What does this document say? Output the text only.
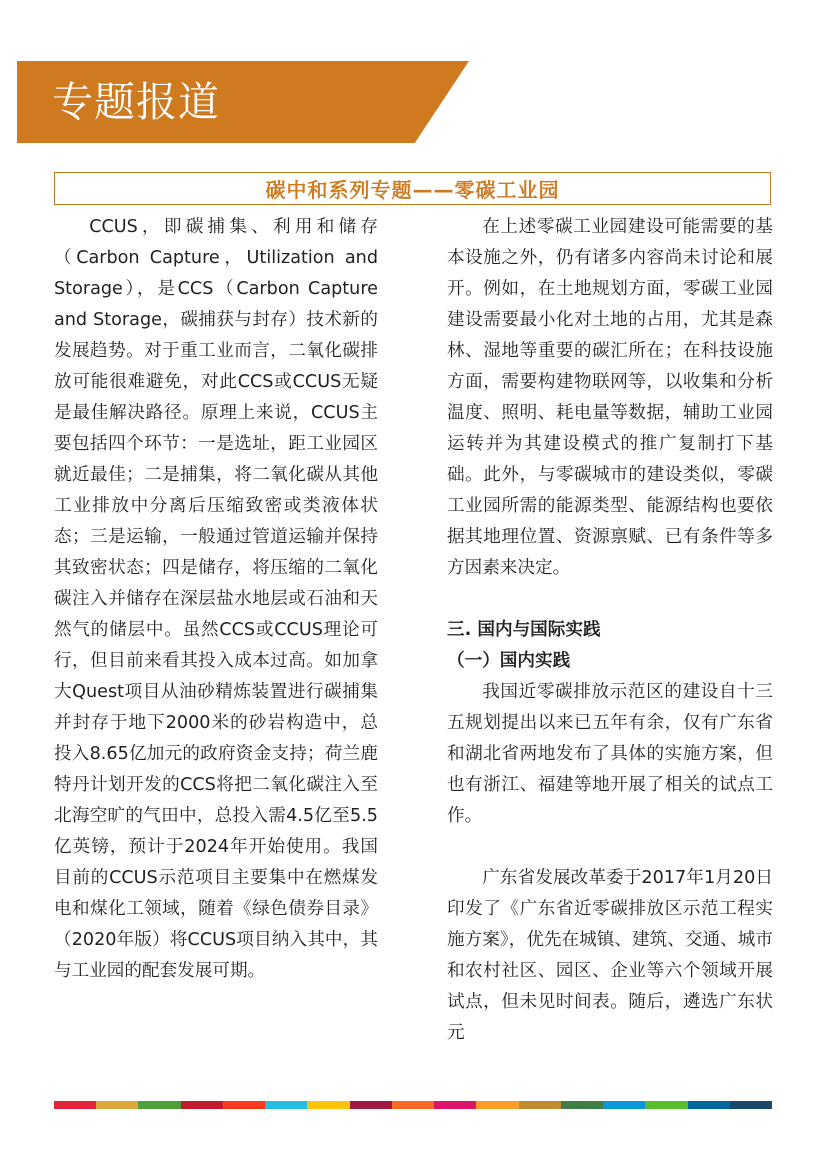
专题报道
碳中和系列专题——零碳工业园

CCUS，即碳捕集、利用和储存（Carbon Capture，Utilization and Storage），是CCS（Carbon Capture and Storage，碳捕获与封存）技术新的发展趋势。对于重工业而言，二氧化碳排放可能很难避免，对此CCS或CCUS无疑是最佳解决路径。原理上来说，CCUS主要包括四个环节：一是选址，距工业园区就近最佳；二是捕集，将二氧化碳从其他工业排放中分离后压缩致密或类液体状态；三是运输，一般通过管道运输并保持其致密状态；四是储存，将压缩的二氧化碳注入并储存在深层盐水地层或石油和天然气的储层中。虽然CCS或CCUS理论可行，但目前来看其投入成本过高。如加拿大Quest项目从油砂精炼装置进行碳捕集并封存于地下2000米的砂岩构造中，总投入8.65亿加元的政府资金支持；荷兰鹿特丹计划开发的CCS将把二氧化碳注入至北海空旷的气田中，总投入需4.5亿至5.5亿英镑，预计于2024年开始使用。我国目前的CCUS示范项目主要集中在燃煤发电和煤化工领域，随着《绿色债券目录》（2020年版）将CCUS项目纳入其中，其与工业园的配套发展可期。

在上述零碳工业园建设可能需要的基本设施之外，仍有诸多内容尚未讨论和展开。例如，在土地规划方面，零碳工业园建设需要最小化对土地的占用，尤其是森林、湿地等重要的碳汇所在；在科技设施方面，需要构建物联网等，以收集和分析温度、照明、耗电量等数据，辅助工业园运转并为其建设模式的推广复制打下基础。此外，与零碳城市的建设类似，零碳工业园所需的能源类型、能源结构也要依据其地理位置、资源禀赋、已有条件等多方因素来决定。

三. 国内与国际实践
（一）国内实践

我国近零碳排放示范区的建设自十三五规划提出以来已五年有余，仅有广东省和湖北省两地发布了具体的实施方案，但也有浙江、福建等地开展了相关的试点工作。

广东省发展改革委于2017年1月20日印发了《广东省近零碳排放区示范工程实施方案》，优先在城镇、建筑、交通、城市和农村社区、园区、企业等六个领域开展试点，但未见时间表。随后，遴选广东状元
